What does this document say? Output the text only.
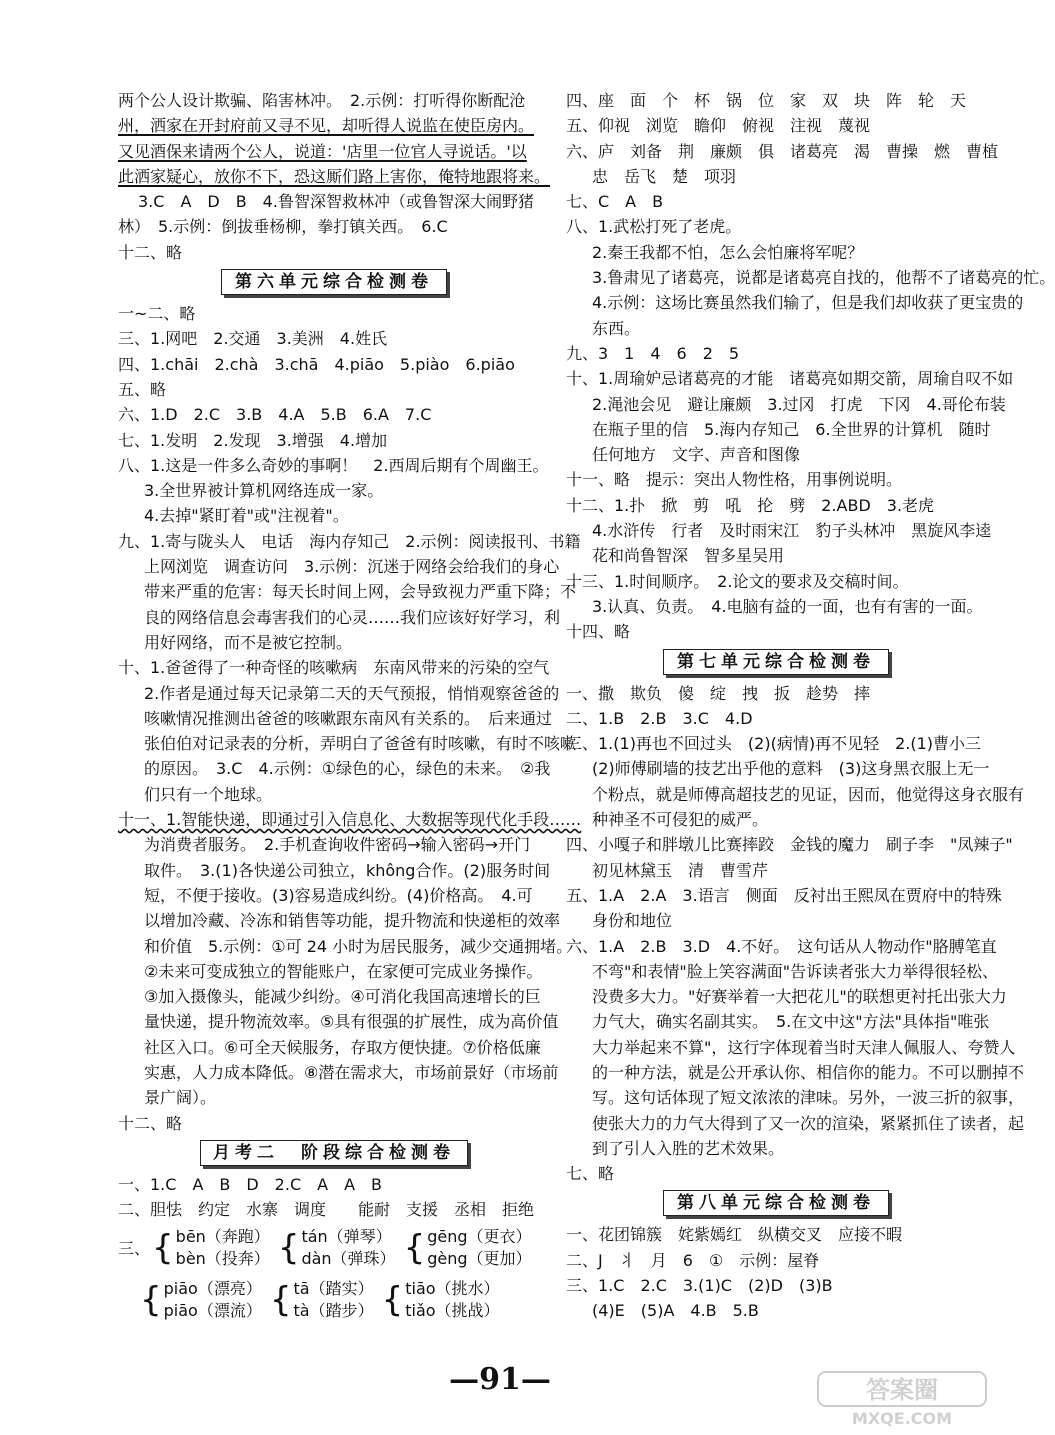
两个公人设计欺骗、陷害林冲。　2.示例：打听得你断配沧
州，洒家在开封府前又寻不见，却听得人说监在使臣房内。
又见酒保来请两个公人，说道：'店里一位官人寻说话。'以
此洒家疑心，放你不下，恐这厮们路上害你，俺特地跟将来。
3.C　A　D　B　4.鲁智深智救林冲（或鲁智深大闹野猪
林）　5.示例：倒拔垂杨柳，拳打镇关西。　6.C
十二、略
第六单元综合检测卷
一~二、略
三、1.网吧　2.交通　3.美洲　4.姓氏
四、1.chāi　2.chà　3.chā　4.piāo　5.piào　6.piāo
五、略
六、1.D　2.C　3.B　4.A　5.B　6.A　7.C
七、1.发明　2.发现　3.增强　4.增加
八、1.这是一件多么奇妙的事啊！　2.西周后期有个周幽王。
3.全世界被计算机网络连成一家。
4.去掉"紧盯着"或"注视着"。
九、1.寄与陇头人　电话　海内存知己　2.示例：阅读报刊、书籍
上网浏览　调查访问　3.示例：沉迷于网络会给我们的身心
带来严重的危害：每天长时间上网，会导致视力严重下降；不
良的网络信息会毒害我们的心灵……我们应该好好学习，利
用好网络，而不是被它控制。
十、1.爸爸得了一种奇怪的咳嗽病　东南风带来的污染的空气
2.作者是通过每天记录第二天的天气预报，悄悄观察爸爸的
咳嗽情况推测出爸爸的咳嗽跟东南风有关系的。　后来通过
张伯伯对记录表的分析，弄明白了爸爸有时咳嗽，有时不咳嗽
的原因。　3.C　4.示例：①绿色的心，绿色的未来。　②我
们只有一个地球。
十一、1.智能快递，即通过引入信息化、大数据等现代化手段……
为消费者服务。　2.手机查询收件密码→输入密码→开门
取件。　3.(1)各快递公司独立，không合作。(2)服务时间
短，不便于接收。(3)容易造成纠纷。(4)价格高。　4.可
以增加冷藏、冷冻和销售等功能，提升物流和快递柜的效率
和价值　5.示例：①可 24 小时为居民服务，减少交通拥堵。
②未来可变成独立的智能账户，在家便可完成业务操作。
③加入摄像头，能减少纠纷。④可消化我国高速增长的巨
量快递，提升物流效率。⑤具有很强的扩展性，成为高价值
社区入口。⑥可全天候服务，存取方便快捷。⑦价格低廉
实惠，人力成本降低。⑧潜在需求大，市场前景好（市场前
景广阔）。
十二、略
月考二　阶段综合检测卷
一、1.C　A　B　D　2.C　A　A　B
二、胆怯　约定　水寨　调度　　能耐　支援　丞相　拒绝
三、 { bēn（奔跑）
bèn（投奔） { tán（弹琴）
dàn（弹珠） { gēng（更衣）
gèng（更加）
{ piāo（漂亮）
piāo（漂流） { tā（踏实）
tà（踏步） { tiāo（挑水）
tiǎo（挑战）
四、座　面　个　杯　锅　位　家　双　块　阵　轮　天
五、仰视　浏览　瞻仰　俯视　注视　蔑视
六、庐　刘备　荆　廉颇　俱　诸葛亮　渴　曹操　燃　曹植
忠　岳飞　楚　项羽
七、C　A　B
八、1.武松打死了老虎。
2.秦王我都不怕，怎么会怕廉将军呢？
3.鲁肃见了诸葛亮，说都是诸葛亮自找的，他帮不了诸葛亮的忙。
4.示例：这场比赛虽然我们输了，但是我们却收获了更宝贵的
东西。
九、3　1　4　6　2　5
十、1.周瑜妒忌诸葛亮的才能　诸葛亮如期交箭，周瑜自叹不如
2.渑池会见　避让廉颇　3.过冈　打虎　下冈　4.哥伦布装
在瓶子里的信　5.海内存知己　6.全世界的计算机　随时
任何地方　文字、声音和图像
十一、略　提示：突出人物性格，用事例说明。
十二、1.扑　掀　剪　吼　抡　劈　2.ABD　3.老虎
4.水浒传　行者　及时雨宋江　豹子头林冲　黑旋风李逵
花和尚鲁智深　智多星吴用
十三、1.时间顺序。　2.论文的要求及交稿时间。
3.认真、负责。　4.电脑有益的一面，也有有害的一面。
十四、略
第七单元综合检测卷
一、撒　欺负　傻　绽　拽　扳　趁势　摔
二、1.B　2.B　3.C　4.D
三、1.(1)再也不回过头　(2)(病情)再不见轻　2.(1)曹小三
(2)师傅刷墙的技艺出乎他的意料　(3)这身黑衣服上无一
个粉点，就是师傅高超技艺的见证，因而，他觉得这身衣服有
种神圣不可侵犯的威严。
四、小嘎子和胖墩儿比赛摔跤　金钱的魔力　刷子李　"凤辣子"
初见林黛玉　清　曹雪芹
五、1.A　2.A　3.语言　侧面　反衬出王熙凤在贾府中的特殊
身份和地位
六、1.A　2.B　3.D　4.不好。　这句话从人物动作"胳膊笔直
不弯"和表情"脸上笑容满面"告诉读者张大力举得很轻松、
没费多大力。"好赛举着一大把花儿"的联想更衬托出张大力
力气大，确实名副其实。　5.在文中这"方法"具体指"唯张
大力举起来不算"，这行字体现着当时天津人佩服人、夸赞人
的一种方法，就是公开承认你、相信你的能力。不可以删掉不
写。这句话体现了短文浓浓的津味。另外，一波三折的叙事，
使张大力的力气大得到了又一次的渲染，紧紧抓住了读者，起
到了引人入胜的艺术效果。
七、略
第八单元综合检测卷
一、花团锦簇　姹紫嫣红　纵横交叉　应接不暇
二、J　丬　月　6　①　示例：屋脊
三、1.C　2.C　3.(1)C　(2)D　(3)B
(4)E　(5)A　4.B　5.B
—91—	答案圈
MXQE.COM
